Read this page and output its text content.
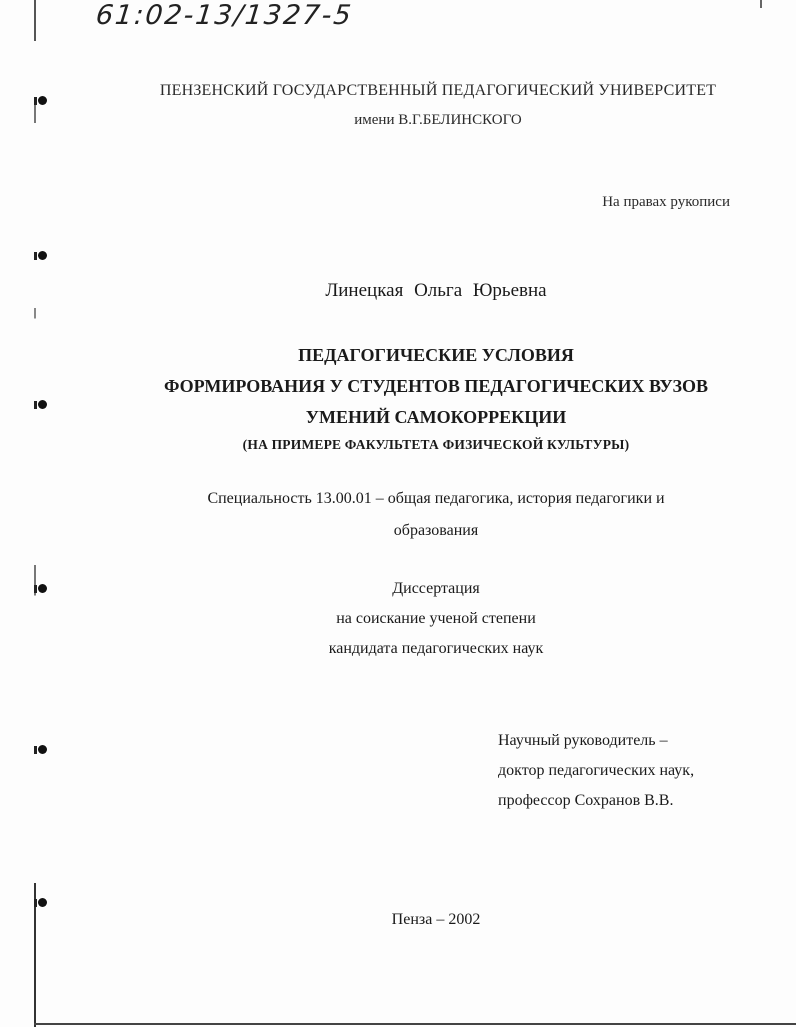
61:02-13/1327-5
ПЕНЗЕНСКИЙ ГОСУДАРСТВЕННЫЙ ПЕДАГОГИЧЕСКИЙ УНИВЕРСИТЕТ
имени В.Г.БЕЛИНСКОГО
На правах рукописи
Линецкая Ольга Юрьевна
ПЕДАГОГИЧЕСКИЕ УСЛОВИЯ
ФОРМИРОВАНИЯ У СТУДЕНТОВ ПЕДАГОГИЧЕСКИХ ВУЗОВ
УМЕНИЙ САМОКОРРЕКЦИИ
(НА ПРИМЕРЕ ФАКУЛЬТЕТА ФИЗИЧЕСКОЙ КУЛЬТУРЫ)
Специальность 13.00.01 – общая педагогика, история педагогики и
образования
Диссертация
на соискание ученой степени
кандидата педагогических наук
Научный руководитель –
доктор педагогических наук,
профессор Сохранов В.В.
Пенза – 2002
